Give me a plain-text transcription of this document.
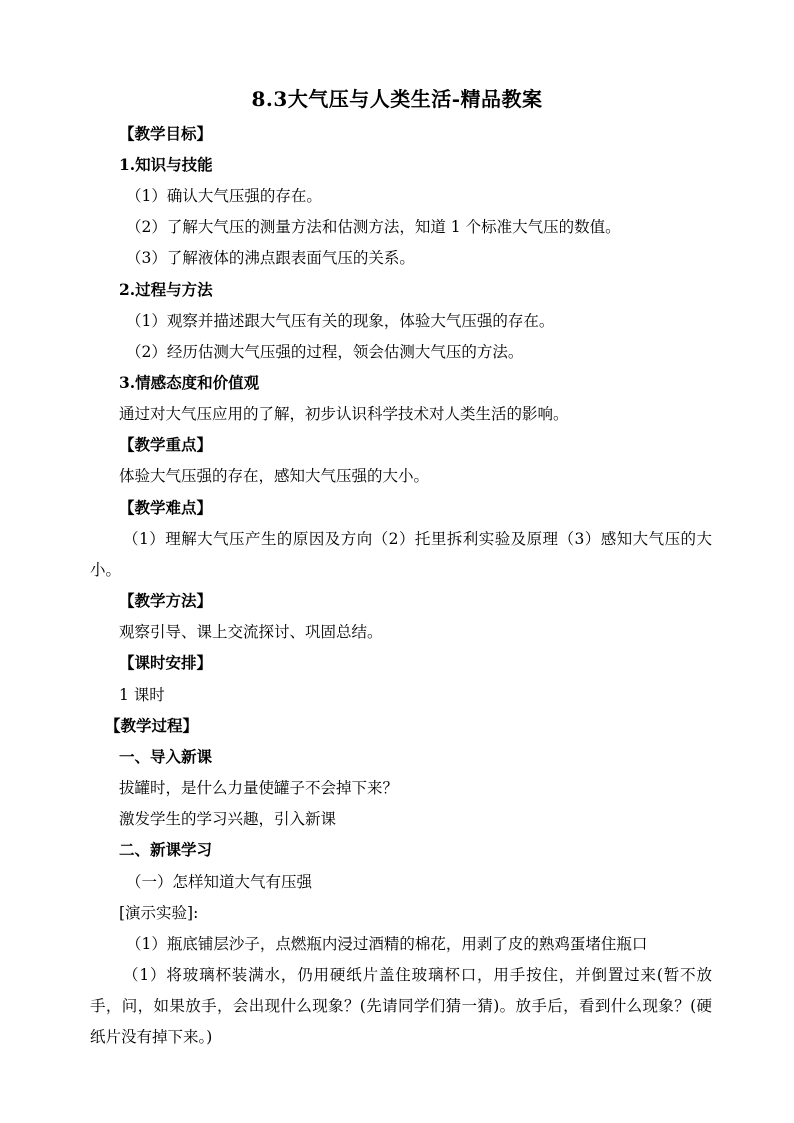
8.3大气压与人类生活-精品教案
【教学目标】
1.知识与技能
（1）确认大气压强的存在。
（2）了解大气压的测量方法和估测方法，知道 1 个标准大气压的数值。
（3）了解液体的沸点跟表面气压的关系。
2.过程与方法
（1）观察并描述跟大气压有关的现象，体验大气压强的存在。
（2）经历估测大气压强的过程，领会估测大气压的方法。
3.情感态度和价值观
通过对大气压应用的了解，初步认识科学技术对人类生活的影响。
【教学重点】
体验大气压强的存在，感知大气压强的大小。
【教学难点】
（1）理解大气压产生的原因及方向（2）托里拆利实验及原理（3）感知大气压的大小。
【教学方法】
观察引导、课上交流探讨、巩固总结。
【课时安排】
1 课时
【教学过程】
一、导入新课
拔罐时，是什么力量使罐子不会掉下来？
激发学生的学习兴趣，引入新课
二、新课学习
（一）怎样知道大气有压强
[演示实验]:
（1）瓶底铺层沙子，点燃瓶内浸过酒精的棉花，用剥了皮的熟鸡蛋堵住瓶口
（1）将玻璃杯装满水，仍用硬纸片盖住玻璃杯口，用手按住，并倒置过来(暂不放手，问，如果放手，会出现什么现象？(先请同学们猜一猜)。放手后，看到什么现象？(硬纸片没有掉下来。)
